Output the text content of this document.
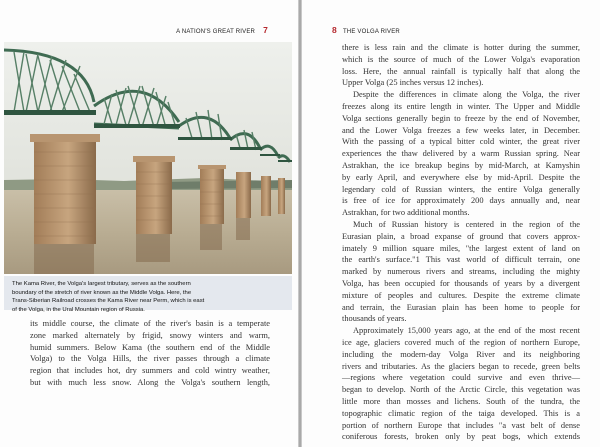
A NATION'S GREAT RIVER 7

The Kama River, the Volga's largest tributary, serves as the southern
boundary of the stretch of river known as the Middle Volga. Here, the
Trans-Siberian Railroad crosses the Kama River near Perm, which is east
of the Volga, in the Ural Mountain region of Russia.

its middle course, the climate of the river's basin is a temperate
zone marked alternately by frigid, snowy winters and warm,
humid summers. Below Kama (the southern end of the Middle
Volga) to the Volga Hills, the river passes through a climate
region that includes hot, dry summers and cold wintry weather,
but with much less snow. Along the Volga's southern length,
8 THE VOLGA RIVER
there is less rain and the climate is hotter during the summer,
which is the source of much of the Lower Volga's evaporation
loss. Here, the annual rainfall is typically half that along the
Upper Volga (25 inches versus 12 inches).
Despite the differences in climate along the Volga, the river
freezes along its entire length in winter. The Upper and Middle
Volga sections generally begin to freeze by the end of November,
and the Lower Volga freezes a few weeks later, in December.
With the passing of a typical bitter cold winter, the great river
experiences the thaw delivered by a warm Russian spring. Near
Astrakhan, the ice breakup begins by mid-March, at Kamyshin
by early April, and everywhere else by mid-April. Despite the
legendary cold of Russian winters, the entire Volga generally
is free of ice for approximately 200 days annually and, near
Astrakhan, for two additional months.
Much of Russian history is centered in the region of the
Eurasian plain, a broad expanse of ground that covers approx-
imately 9 million square miles, "the largest extent of land on
the earth's surface."1 This vast world of difficult terrain, one
marked by numerous rivers and streams, including the mighty
Volga, has been occupied for thousands of years by a divergent
mixture of peoples and cultures. Despite the extreme climate
and terrain, the Eurasian plain has been home to people for
thousands of years.
Approximately 15,000 years ago, at the end of the most recent
ice age, glaciers covered much of the region of northern Europe,
including the modern-day Volga River and its neighboring
rivers and tributaries. As the glaciers began to recede, green belts
—regions where vegetation could survive and even thrive—
began to develop. North of the Arctic Circle, this vegetation was
little more than mosses and lichens. South of the tundra, the
topographic climatic region of the taiga developed. This is a
portion of northern Europe that includes "a vast belt of dense
coniferous forests, broken only by peat bogs, which extends
